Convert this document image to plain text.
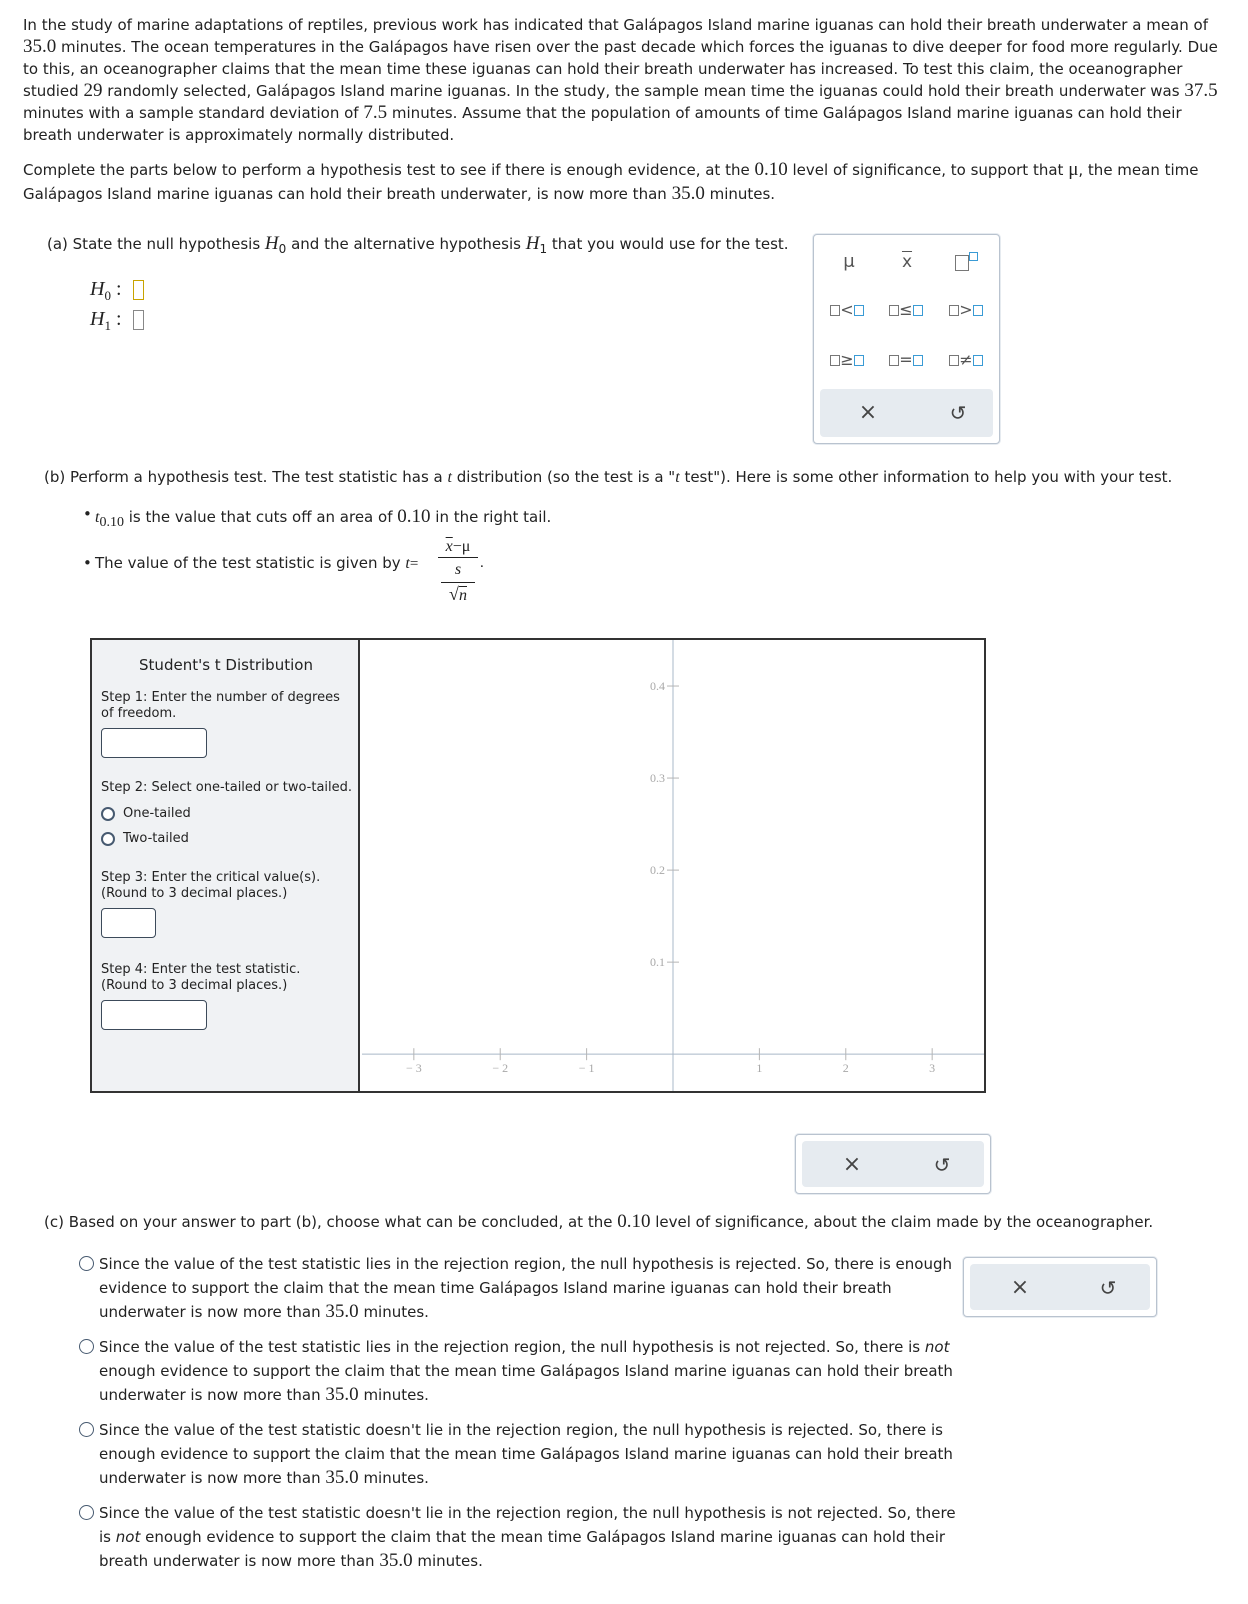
In the study of marine adaptations of reptiles, previous work has indicated that Galápagos Island marine iguanas can hold their breath underwater a mean of 35.0 minutes. The ocean temperatures in the Galápagos have risen over the past decade which forces the iguanas to dive deeper for food more regularly. Due to this, an oceanographer claims that the mean time these iguanas can hold their breath underwater has increased. To test this claim, the oceanographer studied 29 randomly selected, Galápagos Island marine iguanas. In the study, the sample mean time the iguanas could hold their breath underwater was 37.5 minutes with a sample standard deviation of 7.5 minutes. Assume that the population of amounts of time Galápagos Island marine iguanas can hold their breath underwater is approximately normally distributed.

Complete the parts below to perform a hypothesis test to see if there is enough evidence, at the 0.10 level of significance, to support that μ, the mean time Galápagos Island marine iguanas can hold their breath underwater, is now more than 35.0 minutes.

(a) State the null hypothesis $H_0$ and the alternative hypothesis $H_1$ that you would use for the test.

$H_0$ :
$H_1$ :
μ	$\overline{x}$
<	≤	>
≥	=	≠
×	↺

(b) Perform a hypothesis test. The test statistic has a t distribution (so the test is a "t test"). Here is some other information to help you with your test.

• $t_{0.10}$ is the value that cuts off an area of 0.10 in the right tail.
• The value of the test statistic is given by t=
$\overline{x}-\mu$
s
√n
.
Student's t Distribution
Step 1: Enter the number of degrees of freedom.
Step 2: Select one-tailed or two-tailed.
One-tailed
Two-tailed
Step 3: Enter the critical value(s).
(Round to 3 decimal places.)
Step 4: Enter the test statistic.
(Round to 3 decimal places.)
− 3	− 2	− 1	1	2	3
0.1
0.2
0.3
0.4
×	↺

(c) Based on your answer to part (b), choose what can be concluded, at the 0.10 level of significance, about the claim made by the oceanographer.

Since the value of the test statistic lies in the rejection region, the null hypothesis is rejected. So, there is enough evidence to support the claim that the mean time Galápagos Island marine iguanas can hold their breath underwater is now more than 35.0 minutes.
Since the value of the test statistic lies in the rejection region, the null hypothesis is not rejected. So, there is not enough evidence to support the claim that the mean time Galápagos Island marine iguanas can hold their breath underwater is now more than 35.0 minutes.
Since the value of the test statistic doesn't lie in the rejection region, the null hypothesis is rejected. So, there is enough evidence to support the claim that the mean time Galápagos Island marine iguanas can hold their breath underwater is now more than 35.0 minutes.
Since the value of the test statistic doesn't lie in the rejection region, the null hypothesis is not rejected. So, there is not enough evidence to support the claim that the mean time Galápagos Island marine iguanas can hold their breath underwater is now more than 35.0 minutes.
×	↺
